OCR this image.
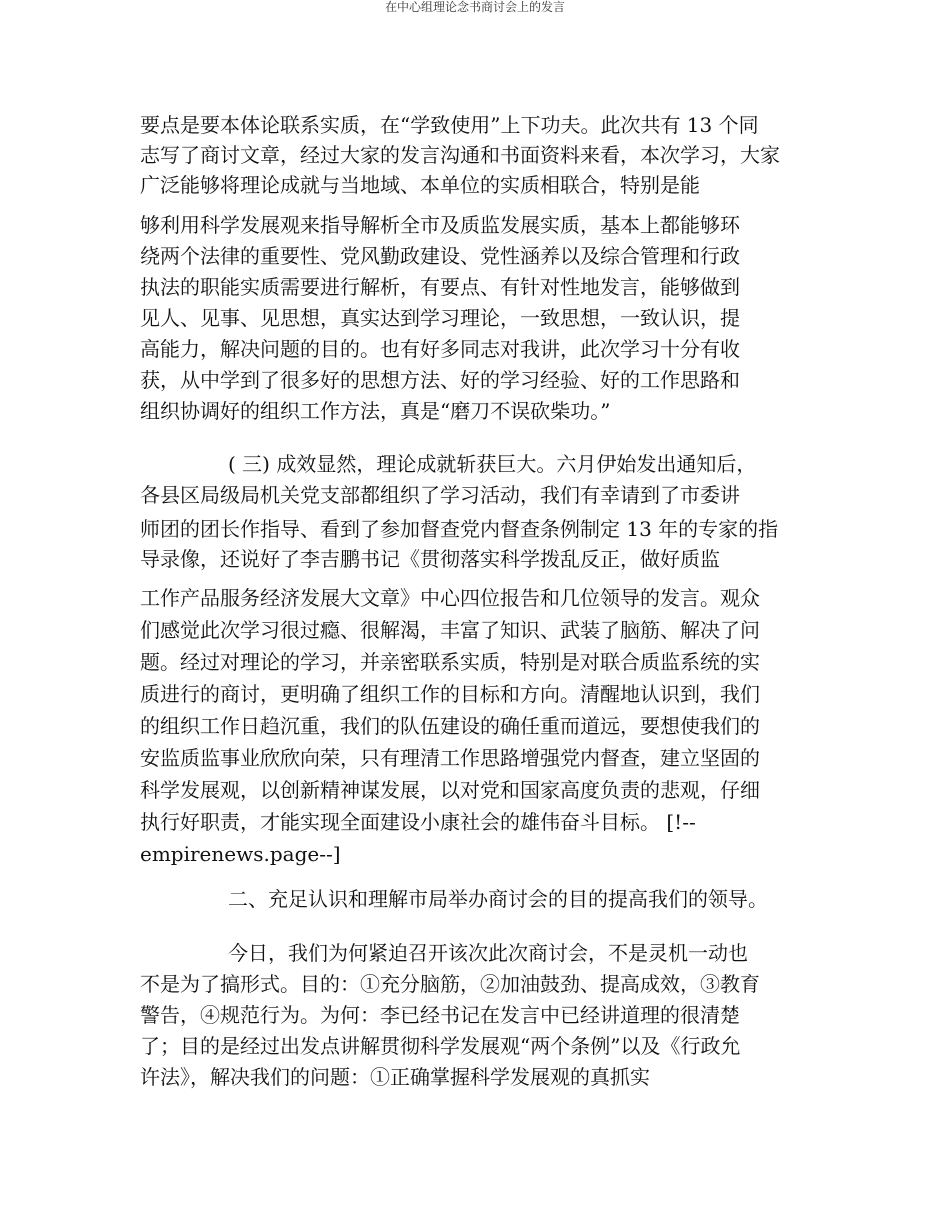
在中心组理论念书商讨会上的发言
要点是要本体论联系实质，在“学致使用”上下功夫。此次共有 13 个同
志写了商讨文章，经过大家的发言沟通和书面资料来看，本次学习，大家
广泛能够将理论成就与当地域、本单位的实质相联合，特别是能
够利用科学发展观来指导解析全市及质监发展实质，基本上都能够环
绕两个法律的重要性、党风勤政建设、党性涵养以及综合管理和行政
执法的职能实质需要进行解析，有要点、有针对性地发言，能够做到
见人、见事、见思想，真实达到学习理论，一致思想，一致认识，提
高能力，解决问题的目的。也有好多同志对我讲，此次学习十分有收
获，从中学到了很多好的思想方法、好的学习经验、好的工作思路和
组织协调好的组织工作方法，真是“磨刀不误砍柴功。”
( 三) 成效显然，理论成就斩获巨大。六月伊始发出通知后，
各县区局级局机关党支部都组织了学习活动，我们有幸请到了市委讲
师团的团长作指导、看到了参加督查党内督查条例制定 13 年的专家的指
导录像，还说好了李吉鹏书记《贯彻落实科学拨乱反正，做好质监
工作产品服务经济发展大文章》中心四位报告和几位领导的发言。观众
们感觉此次学习很过瘾、很解渴，丰富了知识、武装了脑筋、解决了问
题。经过对理论的学习，并亲密联系实质，特别是对联合质监系统的实
质进行的商讨，更明确了组织工作的目标和方向。清醒地认识到，我们
的组织工作日趋沉重，我们的队伍建设的确任重而道远，要想使我们的
安监质监事业欣欣向荣，只有理清工作思路增强党内督查，建立坚固的
科学发展观，以创新精神谋发展，以对党和国家高度负责的悲观，仔细
执行好职责，才能实现全面建设小康社会的雄伟奋斗目标。 [!--
empirenews.page--]
二、充足认识和理解市局举办商讨会的目的提高我们的领导。
今日，我们为何紧迫召开该次此次商讨会，不是灵机一动也
不是为了搞形式。目的：①充分脑筋，②加油鼓劲、提高成效，③教育
警告，④规范行为。为何：李已经书记在发言中已经讲道理的很清楚
了；目的是经过出发点讲解贯彻科学发展观“两个条例”以及《行政允
许法》，解决我们的问题：①正确掌握科学发展观的真抓实
